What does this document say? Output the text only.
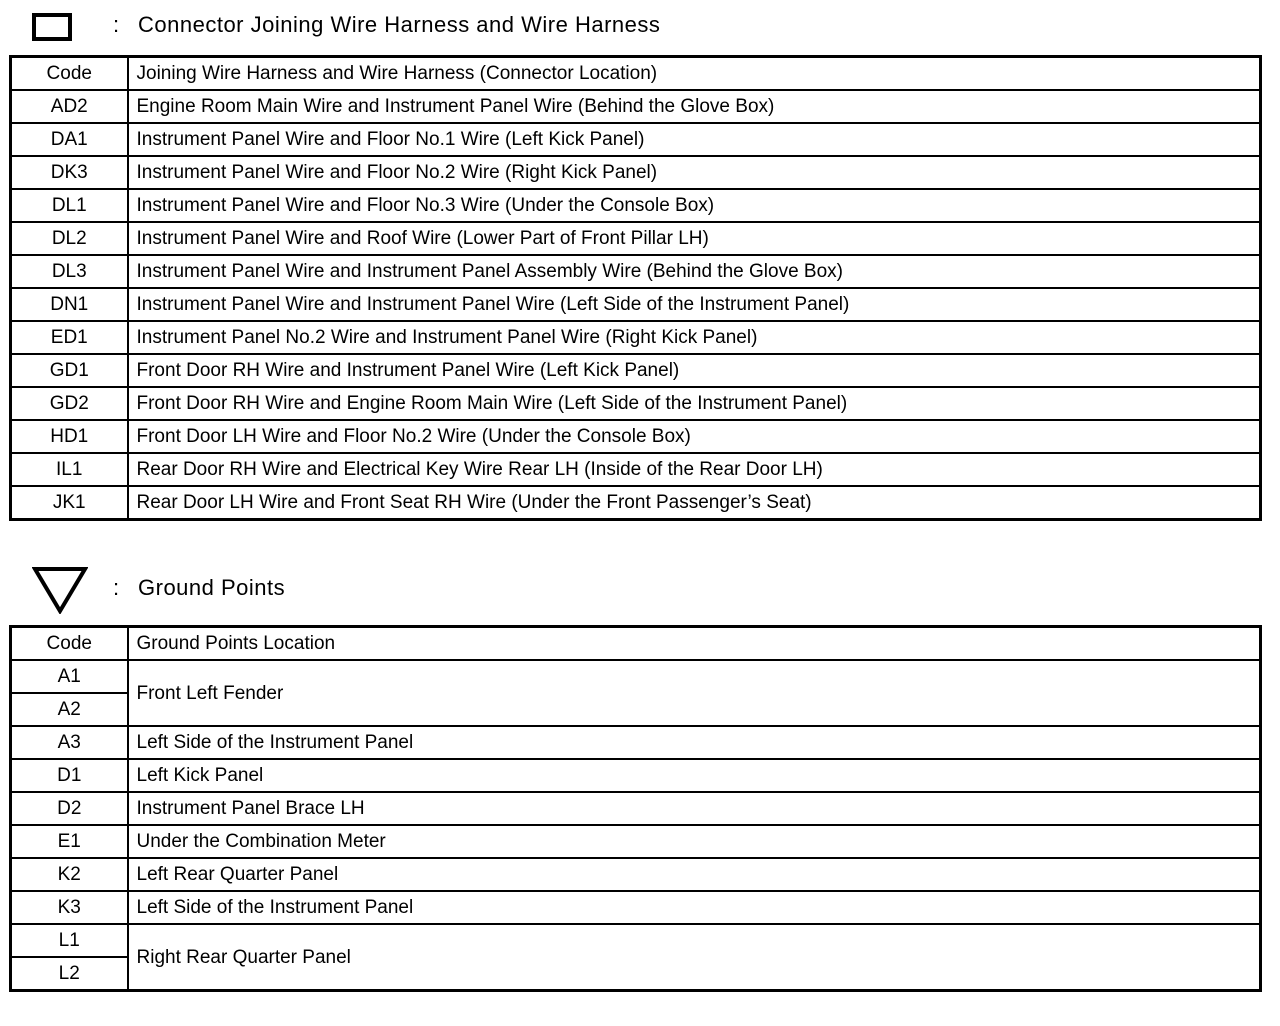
: Connector Joining Wire Harness and Wire Harness
Code	Joining Wire Harness and Wire Harness (Connector Location)
AD2	Engine Room Main Wire and Instrument Panel Wire (Behind the Glove Box)
DA1	Instrument Panel Wire and Floor No.1 Wire (Left Kick Panel)
DK3	Instrument Panel Wire and Floor No.2 Wire (Right Kick Panel)
DL1	Instrument Panel Wire and Floor No.3 Wire (Under the Console Box)
DL2	Instrument Panel Wire and Roof Wire (Lower Part of Front Pillar LH)
DL3	Instrument Panel Wire and Instrument Panel Assembly Wire (Behind the Glove Box)
DN1	Instrument Panel Wire and Instrument Panel Wire (Left Side of the Instrument Panel)
ED1	Instrument Panel No.2 Wire and Instrument Panel Wire (Right Kick Panel)
GD1	Front Door RH Wire and Instrument Panel Wire (Left Kick Panel)
GD2	Front Door RH Wire and Engine Room Main Wire (Left Side of the Instrument Panel)
HD1	Front Door LH Wire and Floor No.2 Wire (Under the Console Box)
IL1	Rear Door RH Wire and Electrical Key Wire Rear LH (Inside of the Rear Door LH)
JK1	Rear Door LH Wire and Front Seat RH Wire (Under the Front Passenger’s Seat)
: Ground Points
Code	Ground Points Location
A1	Front Left Fender
A2	
A3	Left Side of the Instrument Panel
D1	Left Kick Panel
D2	Instrument Panel Brace LH
E1	Under the Combination Meter
K2	Left Rear Quarter Panel
K3	Left Side of the Instrument Panel
L1	Right Rear Quarter Panel
L2	
